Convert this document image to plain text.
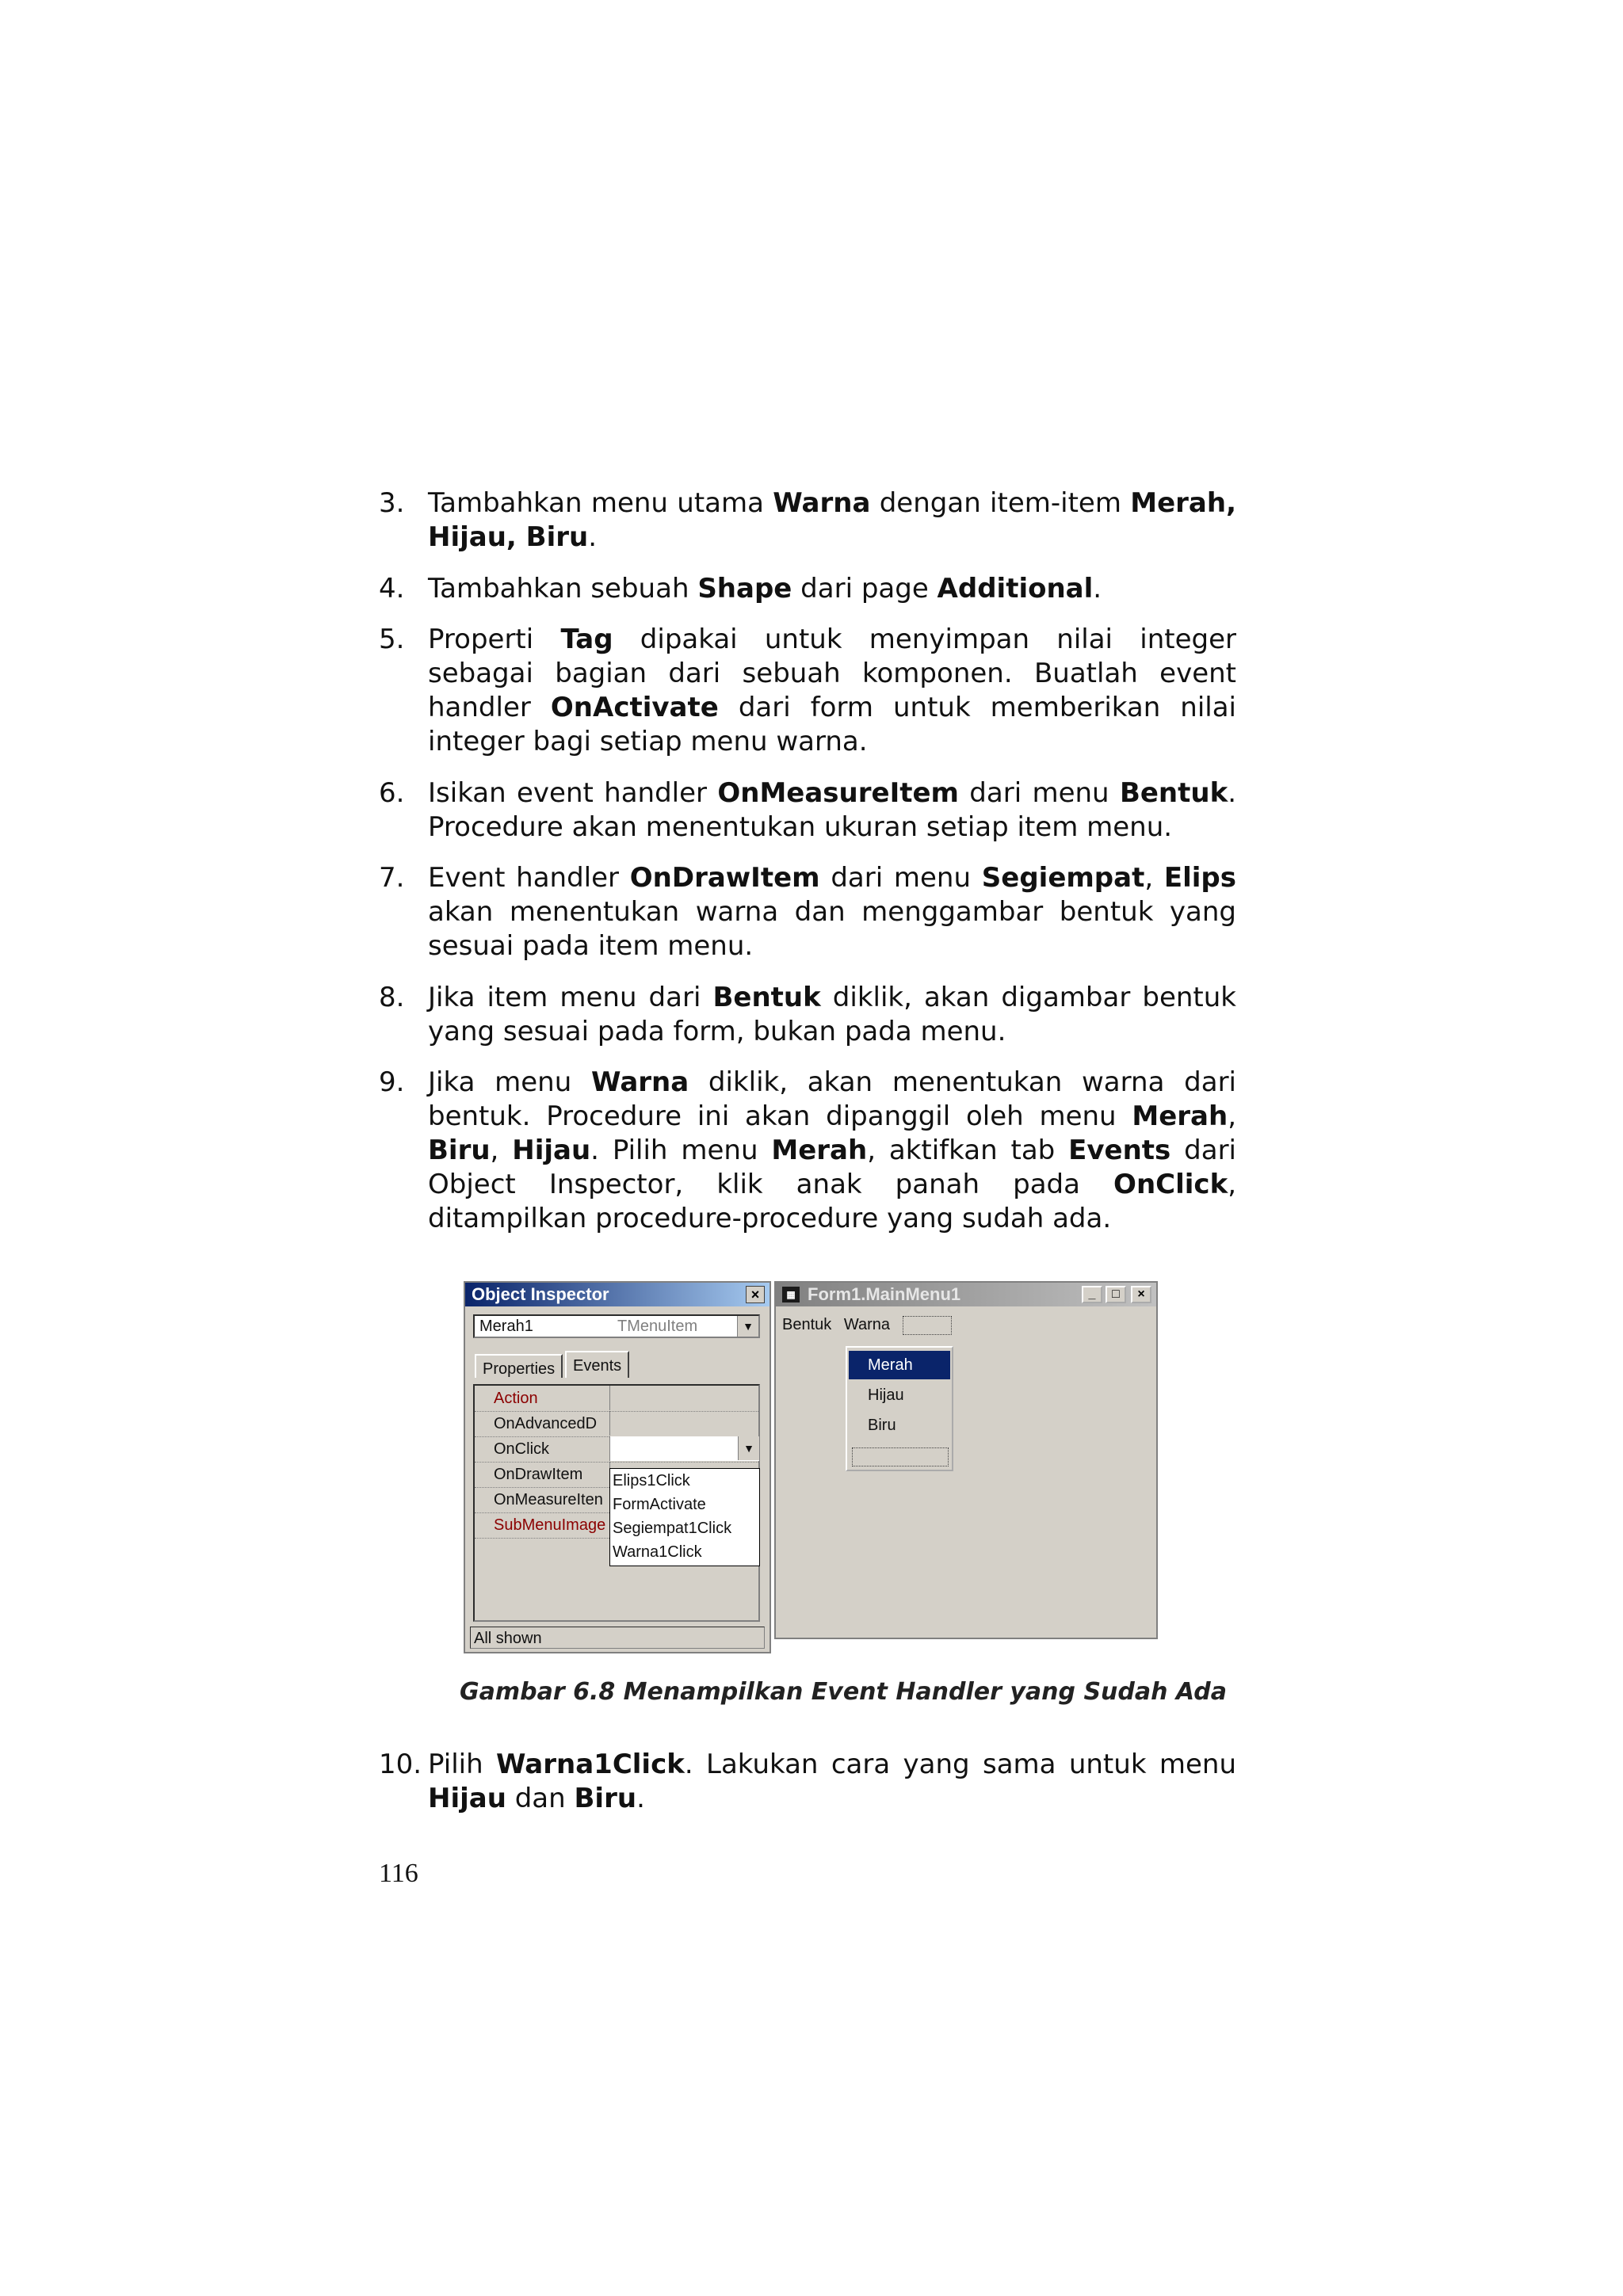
3. Tambahkan menu utama Warna dengan item-item Merah, Hijau, Biru.
4. Tambahkan sebuah Shape dari page Additional.
5. Properti Tag dipakai untuk menyimpan nilai integer sebagai bagian dari sebuah komponen. Buatlah event handler OnActivate dari form untuk memberikan nilai integer bagi setiap menu warna.
6. Isikan event handler OnMeasureItem dari menu Bentuk. Procedure akan menentukan ukuran setiap item menu.
7. Event handler OnDrawItem dari menu Segiempat, Elips akan menentukan warna dan menggambar bentuk yang sesuai pada item menu.
8. Jika item menu dari Bentuk diklik, akan digambar bentuk yang sesuai pada form, bukan pada menu.
9. Jika menu Warna diklik, akan menentukan warna dari bentuk. Procedure ini akan dipanggil oleh menu Merah, Biru, Hijau. Pilih menu Merah, aktifkan tab Events dari Object Inspector, klik anak panah pada OnClick, ditampilkan procedure-procedure yang sudah ada.
Object Inspector	×
Merah1	TMenuItem	▼
Properties	Events
Action
OnAdvancedD
OnClick	▼
OnDrawItem
OnMeasureIten
SubMenuImage
Elips1Click
FormActivate
Segiempat1Click
Warna1Click
All shown
▦ Form1.MainMenu1	_	□	×
Bentuk Warna
Merah
Hijau
Biru
Gambar 6.8 Menampilkan Event Handler yang Sudah Ada
10. Pilih Warna1Click. Lakukan cara yang sama untuk menu Hijau dan Biru.
116
